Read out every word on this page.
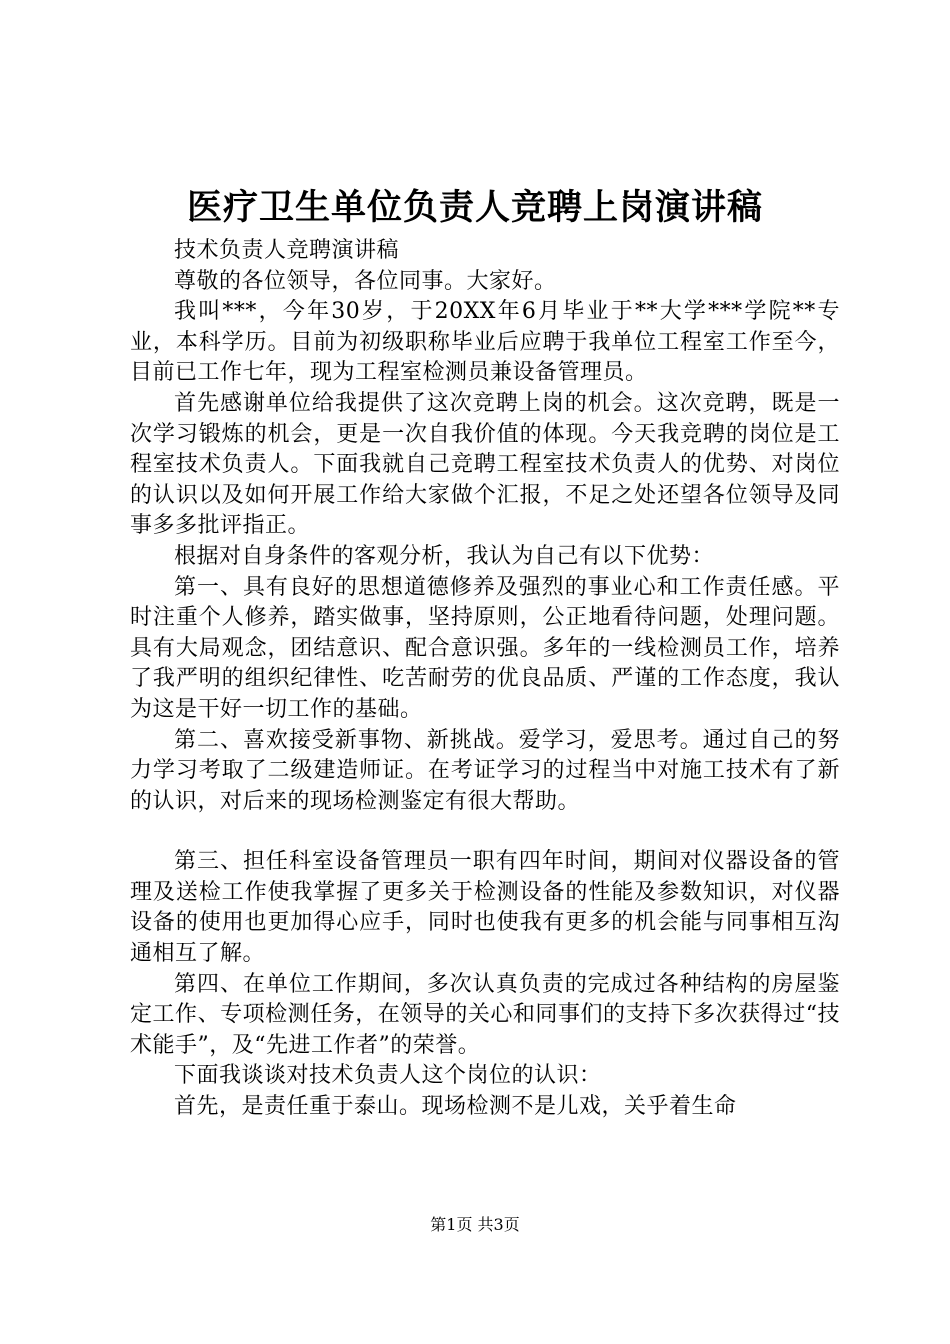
医疗卫生单位负责人竞聘上岗演讲稿

技术负责人竞聘演讲稿

尊敬的各位领导，各位同事。大家好。

我叫***，今年30岁，于20XX年6月毕业于**大学***学院**专业，本科学历。目前为初级职称毕业后应聘于我单位工程室工作至今，目前已工作七年，现为工程室检测员兼设备管理员。

首先感谢单位给我提供了这次竞聘上岗的机会。这次竞聘，既是一次学习锻炼的机会，更是一次自我价值的体现。今天我竞聘的岗位是工程室技术负责人。下面我就自己竞聘工程室技术负责人的优势、对岗位的认识以及如何开展工作给大家做个汇报，不足之处还望各位领导及同事多多批评指正。

根据对自身条件的客观分析，我认为自己有以下优势：

第一、具有良好的思想道德修养及强烈的事业心和工作责任感。平时注重个人修养，踏实做事，坚持原则，公正地看待问题，处理问题。具有大局观念，团结意识、配合意识强。多年的一线检测员工作，培养了我严明的组织纪律性、吃苦耐劳的优良品质、严谨的工作态度，我认为这是干好一切工作的基础。

第二、喜欢接受新事物、新挑战。爱学习，爱思考。通过自己的努力学习考取了二级建造师证。在考证学习的过程当中对施工技术有了新的认识，对后来的现场检测鉴定有很大帮助。

第三、担任科室设备管理员一职有四年时间，期间对仪器设备的管理及送检工作使我掌握了更多关于检测设备的性能及参数知识，对仪器设备的使用也更加得心应手，同时也使我有更多的机会能与同事相互沟通相互了解。

第四、在单位工作期间，多次认真负责的完成过各种结构的房屋鉴定工作、专项检测任务，在领导的关心和同事们的支持下多次获得过“技术能手”，及“先进工作者”的荣誉。

下面我谈谈对技术负责人这个岗位的认识：

首先，是责任重于泰山。现场检测不是儿戏，关乎着生命

第1页 共3页
